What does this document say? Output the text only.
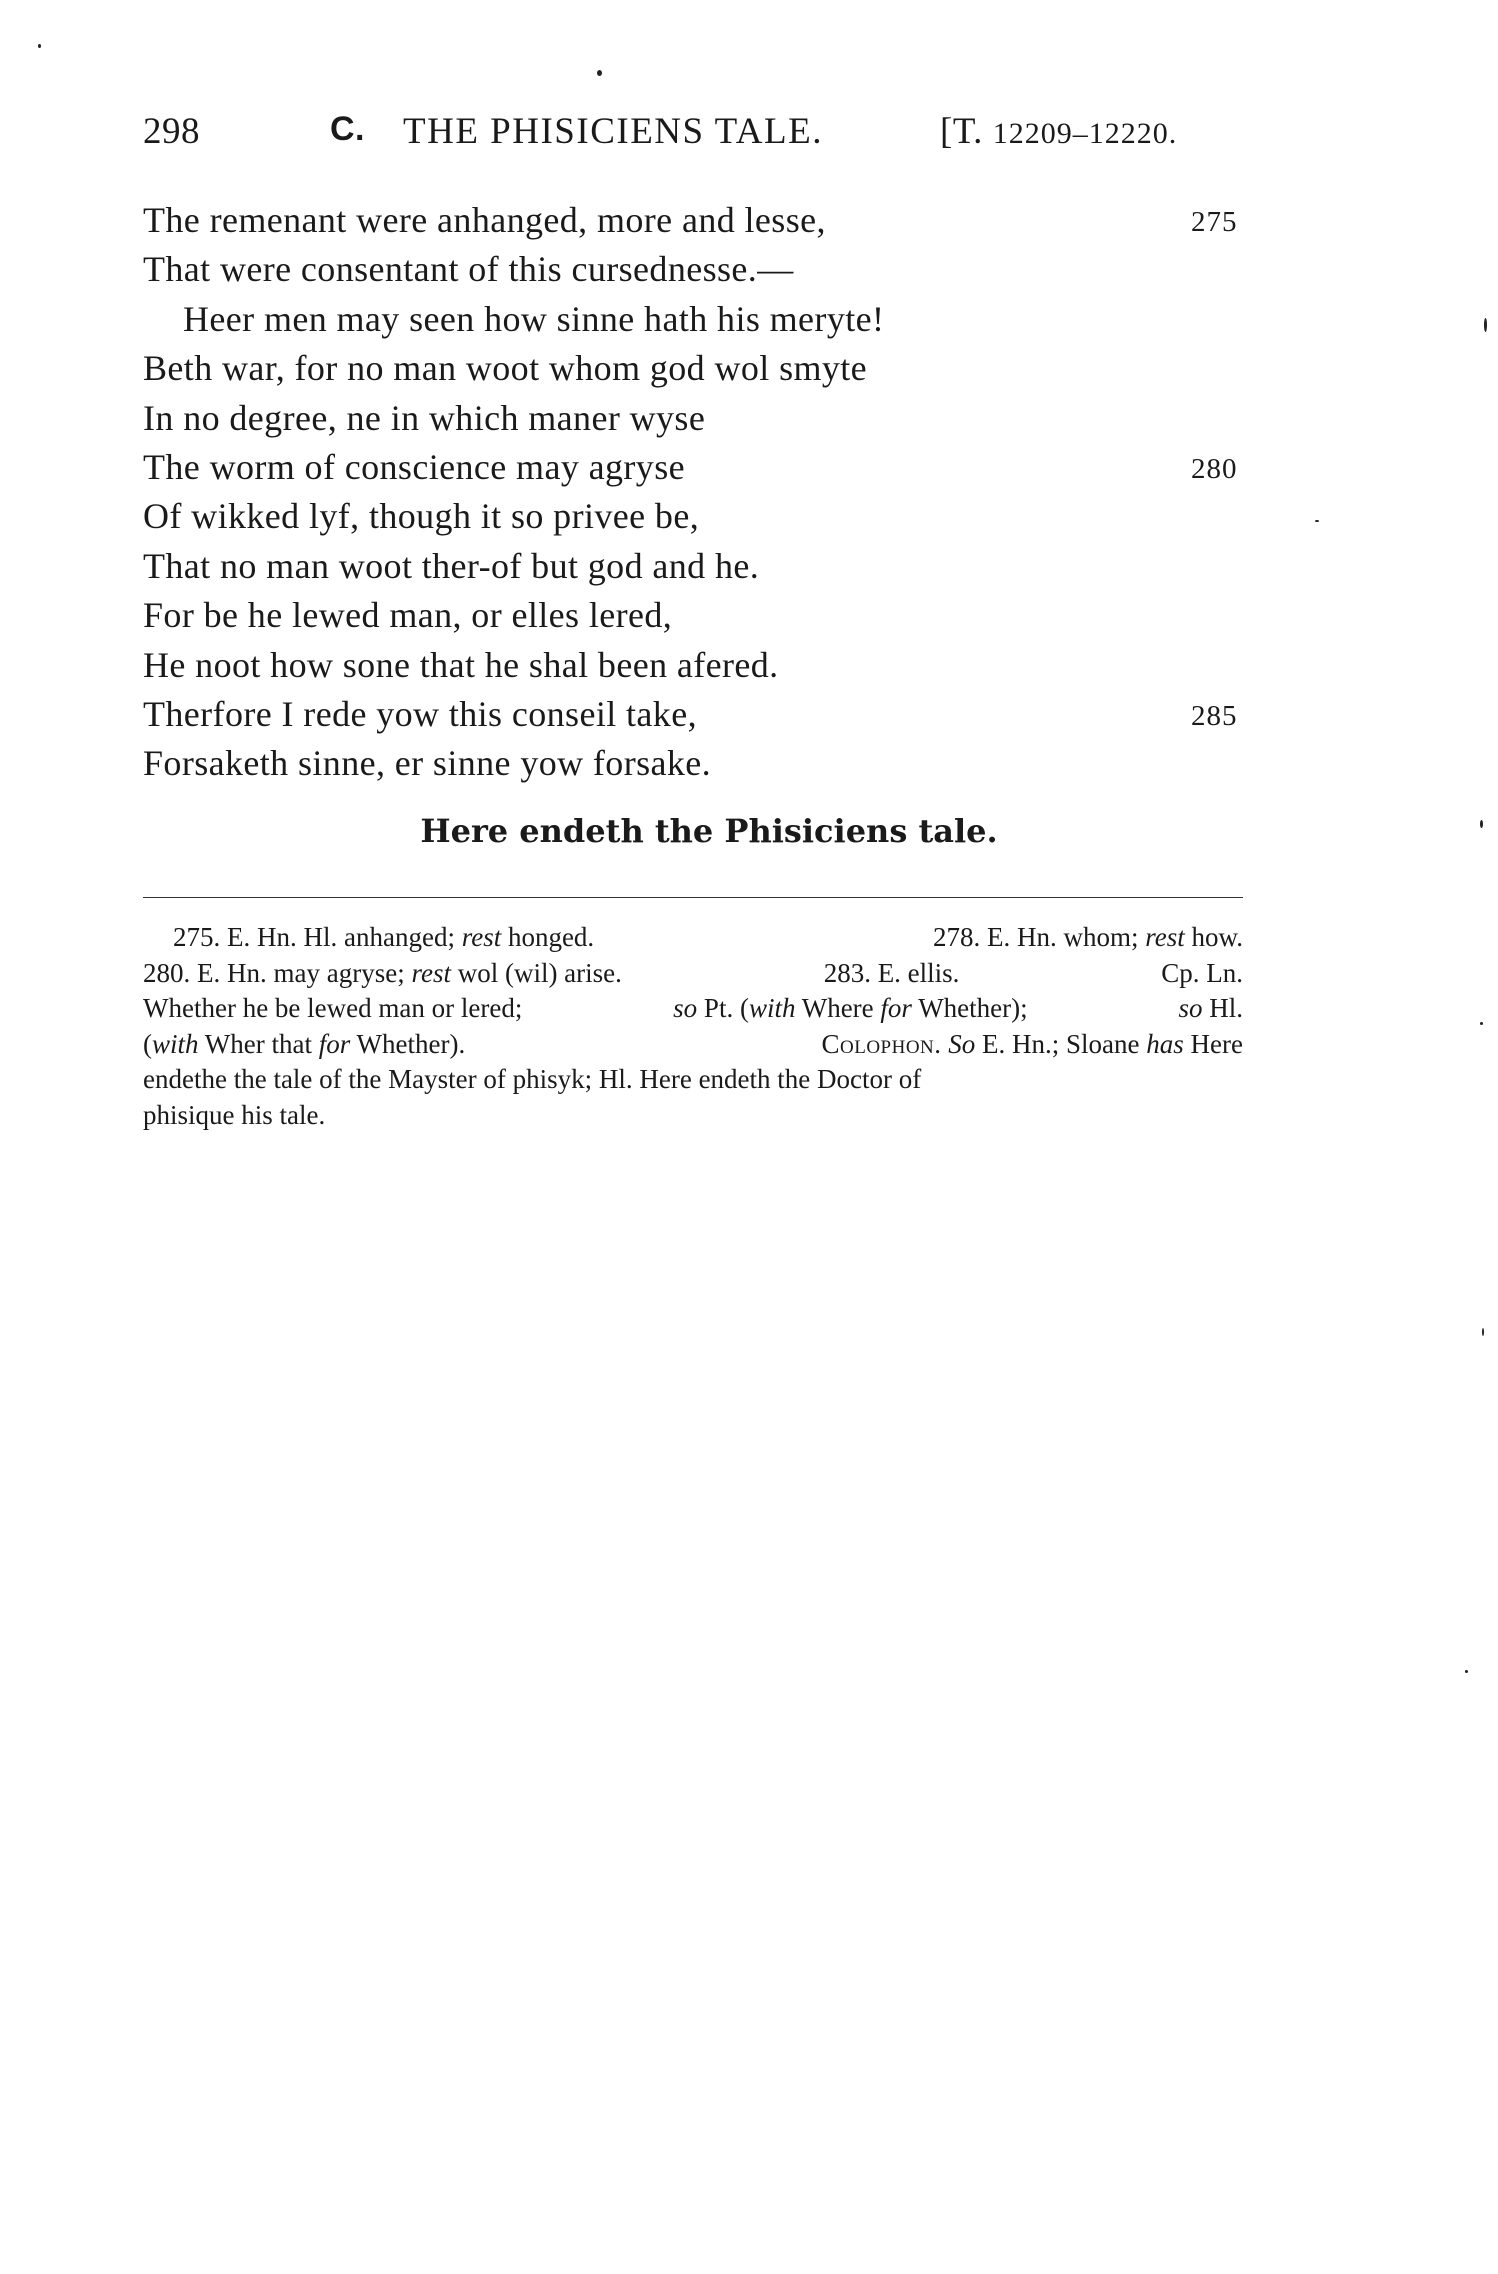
298	C. THE PHISICIENS TALE.	[T. 12209–12220.
The remenant were anhanged, more and lesse,	275
That were consentant of this cursednesse.—
Heer men may seen how sinne hath his meryte!
Beth war, for no man woot whom god wol smyte
In no degree, ne in which maner wyse
The worm of conscience may agryse	280
Of wikked lyf, though it so privee be,
That no man woot ther-of but god and he.
For be he lewed man, or elles lered,
He noot how sone that he shal been afered.
Therfore I rede yow this conseil take,	285
Forsaketh sinne, er sinne yow forsake.
Here endeth the Phisiciens tale.
275. E. Hn. Hl. anhanged; rest honged.	278. E. Hn. whom; rest how.
280. E. Hn. may agryse; rest wol (wil) arise.	283. E. ellis.	Cp. Ln.
Whether he be lewed man or lered;	so Pt. (with Where for Whether);	so Hl.
(with Wher that for Whether).	Colophon. So E. Hn.; Sloane has Here
endethe the tale of the Mayster of phisyk; Hl. Here endeth the Doctor of
phisique his tale.
